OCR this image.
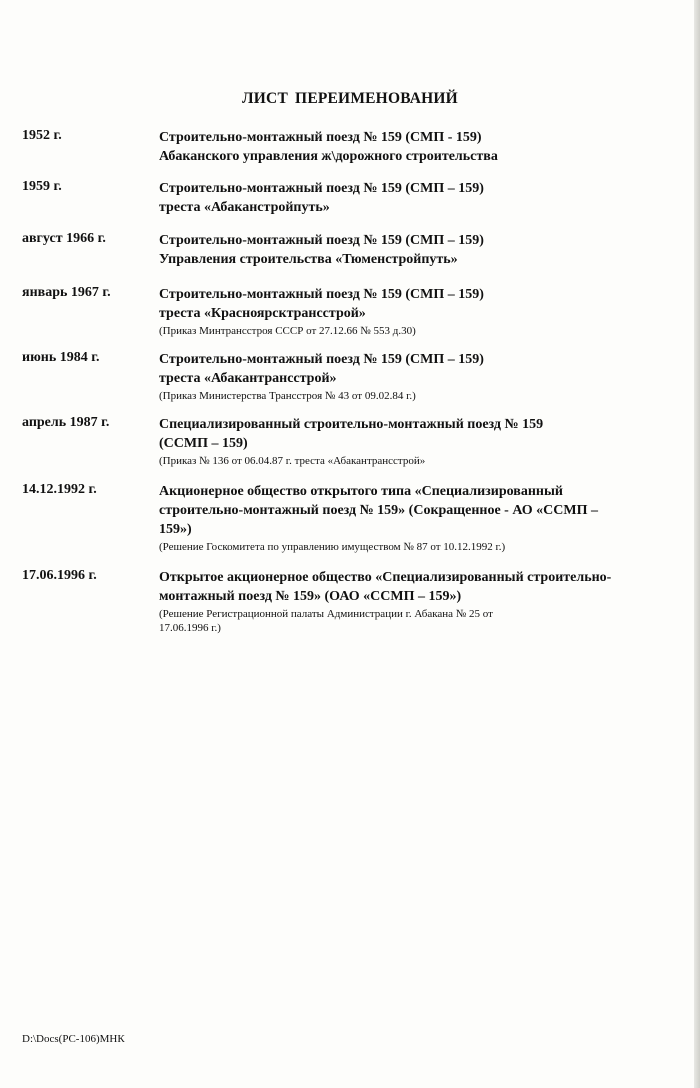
ЛИСТ ПЕРЕИМЕНОВАНИЙ
1952 г.	Строительно-монтажный поезд № 159 (СМП - 159)
Абаканского управления ж\дорожного строительства
1959 г.	Строительно-монтажный поезд № 159 (СМП – 159)
треста «Абаканстройпуть»
август 1966 г.	Строительно-монтажный поезд № 159 (СМП – 159)
Управления строительства «Тюменстройпуть»
январь 1967 г.	Строительно-монтажный поезд № 159 (СМП – 159)
треста «Красноярсктрансстрой»
(Приказ Минтрансстроя СССР от 27.12.66 № 553 д.30)
июнь 1984 г.	Строительно-монтажный поезд № 159 (СМП – 159)
треста «Абакантрансстрой»
(Приказ Министерства Трансстроя № 43 от 09.02.84 г.)
апрель 1987 г.	Специализированный строительно-монтажный поезд № 159
(ССМП – 159)
(Приказ № 136 от 06.04.87 г. треста «Абакантрансстрой»
14.12.1992 г.	Акционерное общество открытого типа «Специализированный
строительно-монтажный поезд № 159» (Сокращенное - АО «ССМП –
159»)
(Решение Госкомитета по управлению имуществом № 87 от 10.12.1992 г.)
17.06.1996 г.	Открытое акционерное общество «Специализированный строительно-
монтажный поезд № 159» (ОАО «ССМП – 159»)
(Решение Регистрационной палаты Администрации г. Абакана № 25 от
17.06.1996 г.)
D:\Docs(PC-106)МНК
